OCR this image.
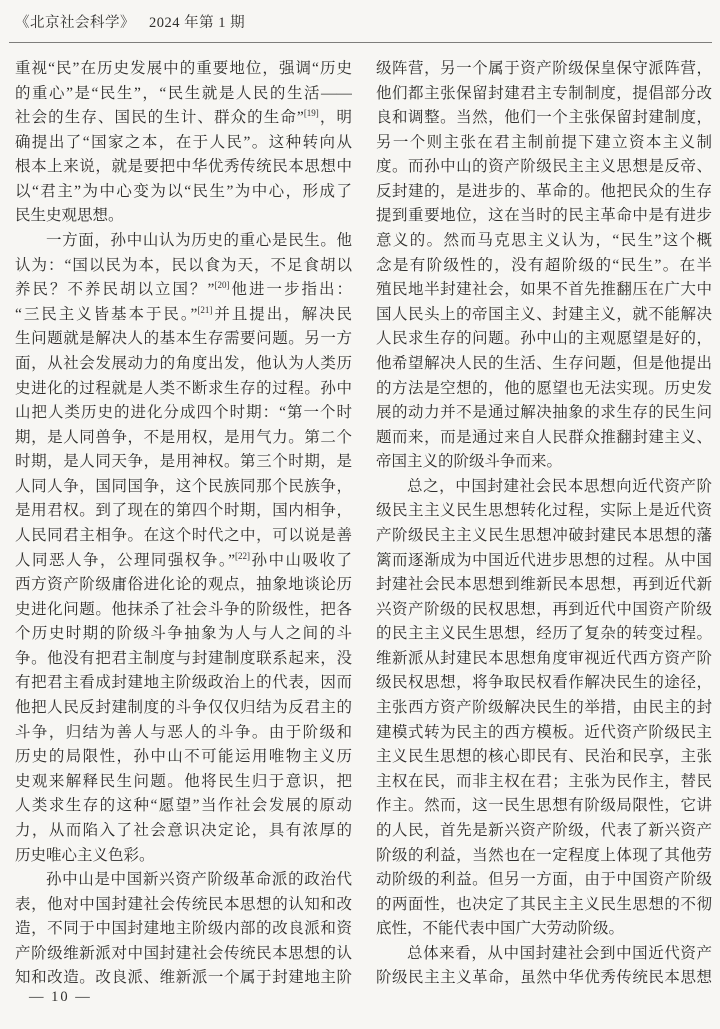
《北京社会科学》 2024 年第 1 期
重视“民”在历史发展中的重要地位，强调“历史
的重心”是“民生”，“民生就是人民的生活——
社会的生存、国民的生计、群众的生命”[19]，明
确提出了“国家之本，在于人民”。这种转向从
根本上来说，就是要把中华优秀传统民本思想中
以“君主”为中心变为以“民生”为中心，形成了
民生史观思想。
一方面，孙中山认为历史的重心是民生。他
认为：“国以民为本，民以食为天，不足食胡以
养民？不养民胡以立国？”[20]他进一步指出：
“三民主义皆基本于民。”[21]并且提出，解决民
生问题就是解决人的基本生存需要问题。另一方
面，从社会发展动力的角度出发，他认为人类历
史进化的过程就是人类不断求生存的过程。孙中
山把人类历史的进化分成四个时期：“第一个时
期，是人同兽争，不是用权，是用气力。第二个
时期，是人同天争，是用神权。第三个时期，是
人同人争，国同国争，这个民族同那个民族争，
是用君权。到了现在的第四个时期，国内相争，
人民同君主相争。在这个时代之中，可以说是善
人同恶人争，公理同强权争。”[22]孙中山吸收了
西方资产阶级庸俗进化论的观点，抽象地谈论历
史进化问题。他抹杀了社会斗争的阶级性，把各
个历史时期的阶级斗争抽象为人与人之间的斗
争。他没有把君主制度与封建制度联系起来，没
有把君主看成封建地主阶级政治上的代表，因而
他把人民反封建制度的斗争仅仅归结为反君主的
斗争，归结为善人与恶人的斗争。由于阶级和
历史的局限性，孙中山不可能运用唯物主义历
史观来解释民生问题。他将民生归于意识，把
人类求生存的这种“愿望”当作社会发展的原动
力，从而陷入了社会意识决定论，具有浓厚的
历史唯心主义色彩。
孙中山是中国新兴资产阶级革命派的政治代
表，他对中国封建社会传统民本思想的认知和改
造，不同于中国封建地主阶级内部的改良派和资
产阶级维新派对中国封建社会传统民本思想的认
知和改造。改良派、维新派一个属于封建地主阶
级阵营，另一个属于资产阶级保皇保守派阵营，
他们都主张保留封建君主专制制度，提倡部分改
良和调整。当然，他们一个主张保留封建制度，
另一个则主张在君主制前提下建立资本主义制
度。而孙中山的资产阶级民主主义思想是反帝、
反封建的，是进步的、革命的。他把民众的生存
提到重要地位，这在当时的民主革命中是有进步
意义的。然而马克思主义认为，“民生”这个概
念是有阶级性的，没有超阶级的“民生”。在半
殖民地半封建社会，如果不首先推翻压在广大中
国人民头上的帝国主义、封建主义，就不能解决
人民求生存的问题。孙中山的主观愿望是好的，
他希望解决人民的生活、生存问题，但是他提出
的方法是空想的，他的愿望也无法实现。历史发
展的动力并不是通过解决抽象的求生存的民生问
题而来，而是通过来自人民群众推翻封建主义、
帝国主义的阶级斗争而来。
总之，中国封建社会民本思想向近代资产阶
级民主主义民生思想转化过程，实际上是近代资
产阶级民主主义民生思想冲破封建民本思想的藩
篱而逐渐成为中国近代进步思想的过程。从中国
封建社会民本思想到维新民本思想，再到近代新
兴资产阶级的民权思想，再到近代中国资产阶级
的民主主义民生思想，经历了复杂的转变过程。
维新派从封建民本思想角度审视近代西方资产阶
级民权思想，将争取民权看作解决民生的途径，
主张西方资产阶级解决民生的举措，由民主的封
建模式转为民主的西方模板。近代资产阶级民主
主义民生思想的核心即民有、民治和民享，主张
主权在民，而非主权在君；主张为民作主，替民
作主。然而，这一民生思想有阶级局限性，它讲
的人民，首先是新兴资产阶级，代表了新兴资产
阶级的利益，当然也在一定程度上体现了其他劳
动阶级的利益。但另一方面，由于中国资产阶级
的两面性，也决定了其民主主义民生思想的不彻
底性，不能代表中国广大劳动阶级。
总体来看，从中国封建社会到中国近代资产
阶级民主主义革命，虽然中华优秀传统民本思想
— 10 —
